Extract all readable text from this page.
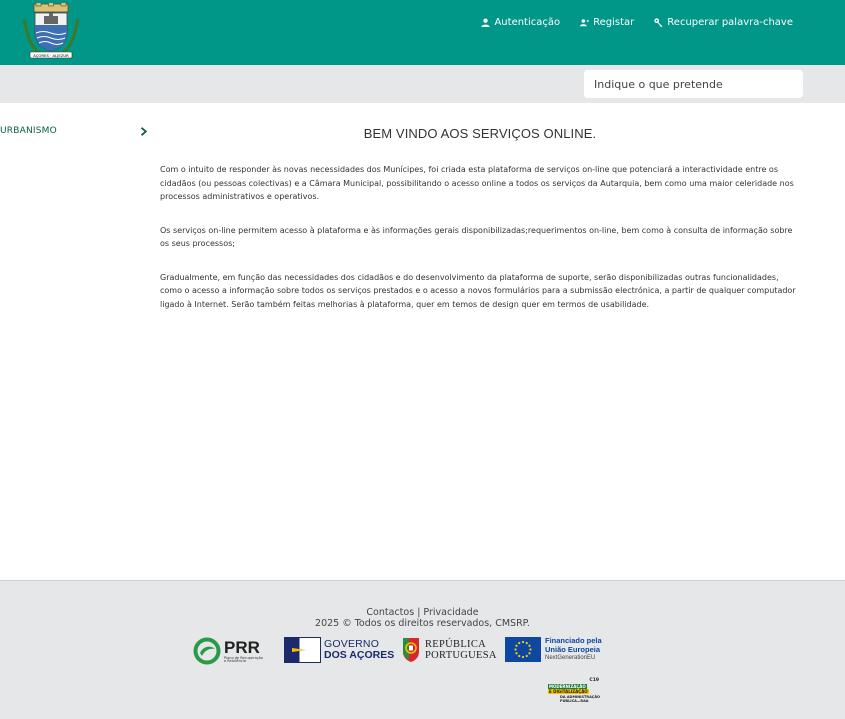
AÇORES · ALJEZUR
Autenticação	Registar	Recuperar palavra-chave
Indique o que pretende
URBANISMO	BEM VINDO AOS SERVIÇOS ONLINE.

Com o intuito de responder às novas necessidades dos Munícipes, foi criada esta plataforma de serviços on-line que potenciará a interactividade entre os cidadãos (ou pessoas colectivas) e a Câmara Municipal, possibilitando o acesso online a todos os serviços da Autarquia, bem como uma maior celeridade nos processos administrativos e operativos.

Os serviços on-line permitem acesso à plataforma e às informações gerais disponibilizadas;requerimentos on-line, bem como à consulta de informação sobre os seus processos;

Gradualmente, em função das necessidades dos cidadãos e do desenvolvimento da plataforma de suporte, serão disponibilizadas outras funcionalidades, como o acesso a informação sobre todos os serviços prestados e o acesso a novos formulários para a submissão electrónica, a partir de qualquer computador ligado à Internet. Serão também feitas melhorias à plataforma, quer em temos de design quer em termos de usabilidade.

Contactos | Privacidade
2025 © Todos os direitos reservados, CMSRP.
PRR
Plano de Recuperação
e Resiliência
GOVERNO
DOS AÇORES
REPÚBLICA
PORTUGUESA
Financiado pela
União Europeia
NextGenerationEU
C19
MODERNIZAÇÃO
E DIGITALIZAÇÃO
DA ADMINISTRAÇÃO
PÚBLICA—RAA
